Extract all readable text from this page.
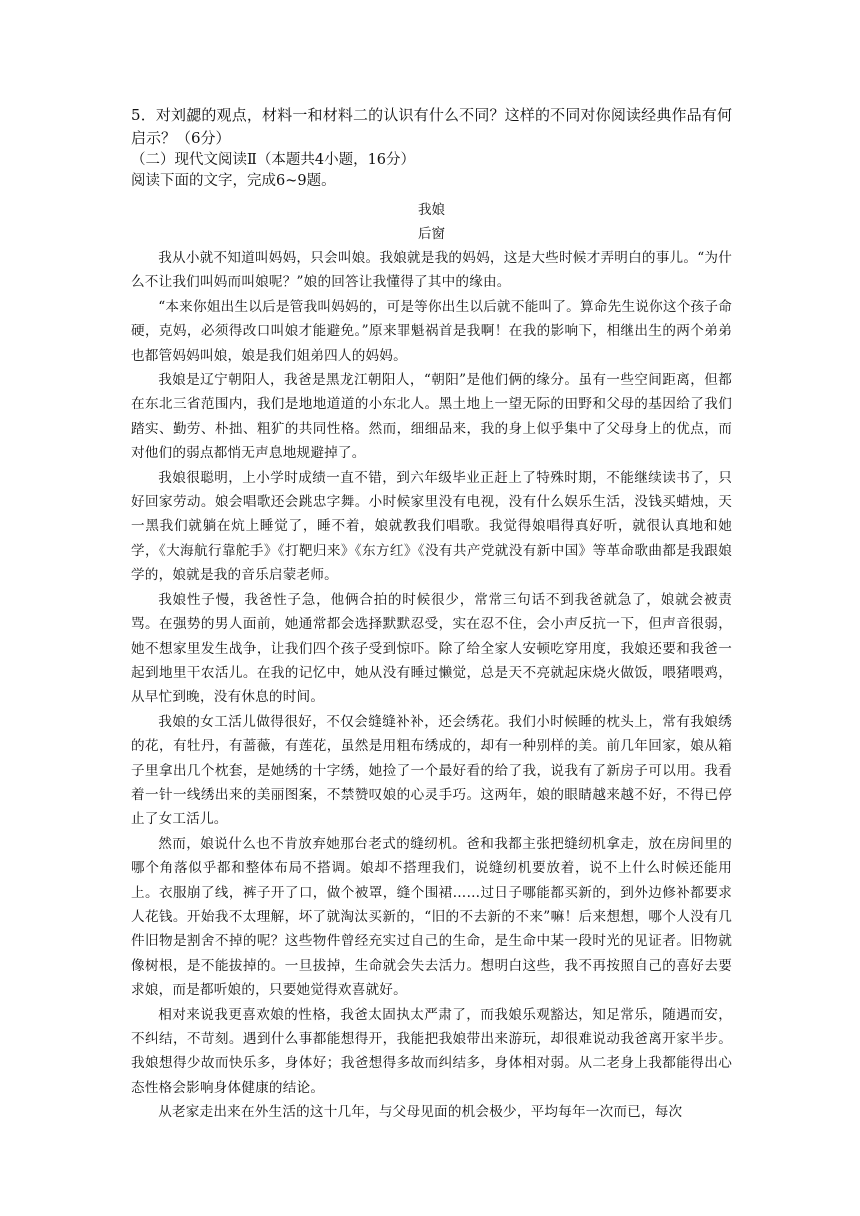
5．对刘勰的观点，材料一和材料二的认识有什么不同？这样的不同对你阅读经典作品有何启示？（6分）

（二）现代文阅读Ⅱ（本题共4小题，16分）

阅读下面的文字，完成6~9题。

我娘

后窗

我从小就不知道叫妈妈，只会叫娘。我娘就是我的妈妈，这是大些时候才弄明白的事儿。“为什么不让我们叫妈而叫娘呢？”娘的回答让我懂得了其中的缘由。

“本来你姐出生以后是管我叫妈妈的，可是等你出生以后就不能叫了。算命先生说你这个孩子命硬，克妈，必须得改口叫娘才能避免。”原来罪魁祸首是我啊！在我的影响下，相继出生的两个弟弟也都管妈妈叫娘，娘是我们姐弟四人的妈妈。

我娘是辽宁朝阳人，我爸是黑龙江朝阳人，“朝阳”是他们俩的缘分。虽有一些空间距离，但都在东北三省范围内，我们是地地道道的小东北人。黑土地上一望无际的田野和父母的基因给了我们踏实、勤劳、朴拙、粗犷的共同性格。然而，细细品来，我的身上似乎集中了父母身上的优点，而对他们的弱点都悄无声息地规避掉了。

我娘很聪明，上小学时成绩一直不错，到六年级毕业正赶上了特殊时期，不能继续读书了，只好回家劳动。娘会唱歌还会跳忠字舞。小时候家里没有电视，没有什么娱乐生活，没钱买蜡烛，天一黑我们就躺在炕上睡觉了，睡不着，娘就教我们唱歌。我觉得娘唱得真好听，就很认真地和她学，《大海航行靠舵手》《打靶归来》《东方红》《没有共产党就没有新中国》等革命歌曲都是我跟娘学的，娘就是我的音乐启蒙老师。

我娘性子慢，我爸性子急，他俩合拍的时候很少，常常三句话不到我爸就急了，娘就会被责骂。在强势的男人面前，她通常都会选择默默忍受，实在忍不住，会小声反抗一下，但声音很弱，她不想家里发生战争，让我们四个孩子受到惊吓。除了给全家人安顿吃穿用度，我娘还要和我爸一起到地里干农活儿。在我的记忆中，她从没有睡过懒觉，总是天不亮就起床烧火做饭，喂猪喂鸡，从早忙到晚，没有休息的时间。

我娘的女工活儿做得很好，不仅会缝缝补补，还会绣花。我们小时候睡的枕头上，常有我娘绣的花，有牡丹，有蔷薇，有莲花，虽然是用粗布绣成的，却有一种别样的美。前几年回家，娘从箱子里拿出几个枕套，是她绣的十字绣，她捡了一个最好看的给了我，说我有了新房子可以用。我看着一针一线绣出来的美丽图案，不禁赞叹娘的心灵手巧。这两年，娘的眼睛越来越不好，不得已停止了女工活儿。

然而，娘说什么也不肯放弃她那台老式的缝纫机。爸和我都主张把缝纫机拿走，放在房间里的哪个角落似乎都和整体布局不搭调。娘却不搭理我们，说缝纫机要放着，说不上什么时候还能用上。衣服崩了线，裤子开了口，做个被罩，缝个围裙……过日子哪能都买新的，到外边修补都要求人花钱。开始我不太理解，坏了就淘汰买新的，“旧的不去新的不来”嘛！后来想想，哪个人没有几件旧物是割舍不掉的呢？这些物件曾经充实过自己的生命，是生命中某一段时光的见证者。旧物就像树根，是不能拔掉的。一旦拔掉，生命就会失去活力。想明白这些，我不再按照自己的喜好去要求娘，而是都听娘的，只要她觉得欢喜就好。

相对来说我更喜欢娘的性格，我爸太固执太严肃了，而我娘乐观豁达，知足常乐，随遇而安，不纠结，不苛刻。遇到什么事都能想得开，我能把我娘带出来游玩，却很难说动我爸离开家半步。我娘想得少故而快乐多，身体好；我爸想得多故而纠结多，身体相对弱。从二老身上我都能得出心态性格会影响身体健康的结论。

从老家走出来在外生活的这十几年，与父母见面的机会极少，平均每年一次而已，每次
